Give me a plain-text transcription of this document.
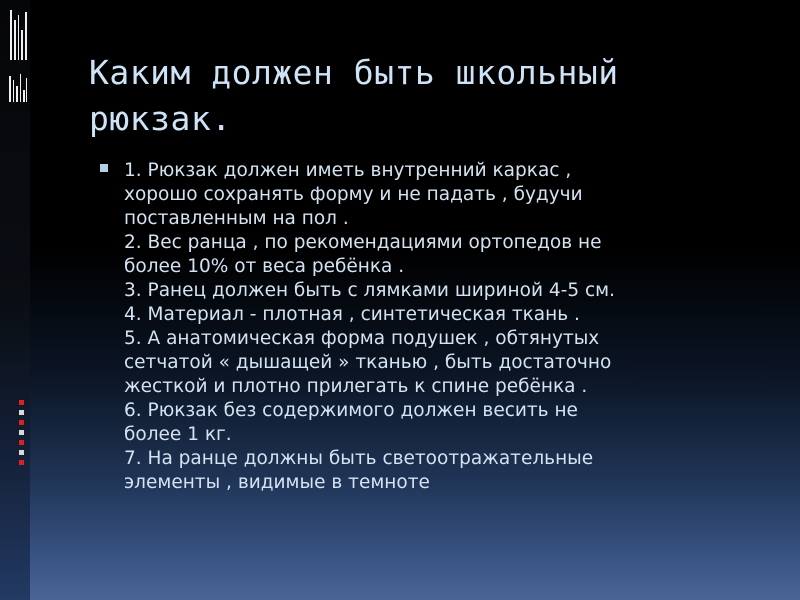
Каким должен быть школьный
рюкзак.
1. Рюкзак должен иметь внутренний каркас ,
хорошо сохранять форму и не падать , будучи
поставленным на пол .
2. Вес ранца , по рекомендациями ортопедов не
более 10% от веса ребёнка .
3. Ранец должен быть с лямками шириной 4-5 см.
4. Материал - плотная , синтетическая ткань .
5. А анатомическая форма подушек , обтянутых
сетчатой « дышащей » тканью , быть достаточно
жесткой и плотно прилегать к спине ребёнка .
6. Рюкзак без содержимого должен весить не
более 1 кг.
7. На ранце должны быть светоотражательные
элементы , видимые в темноте
